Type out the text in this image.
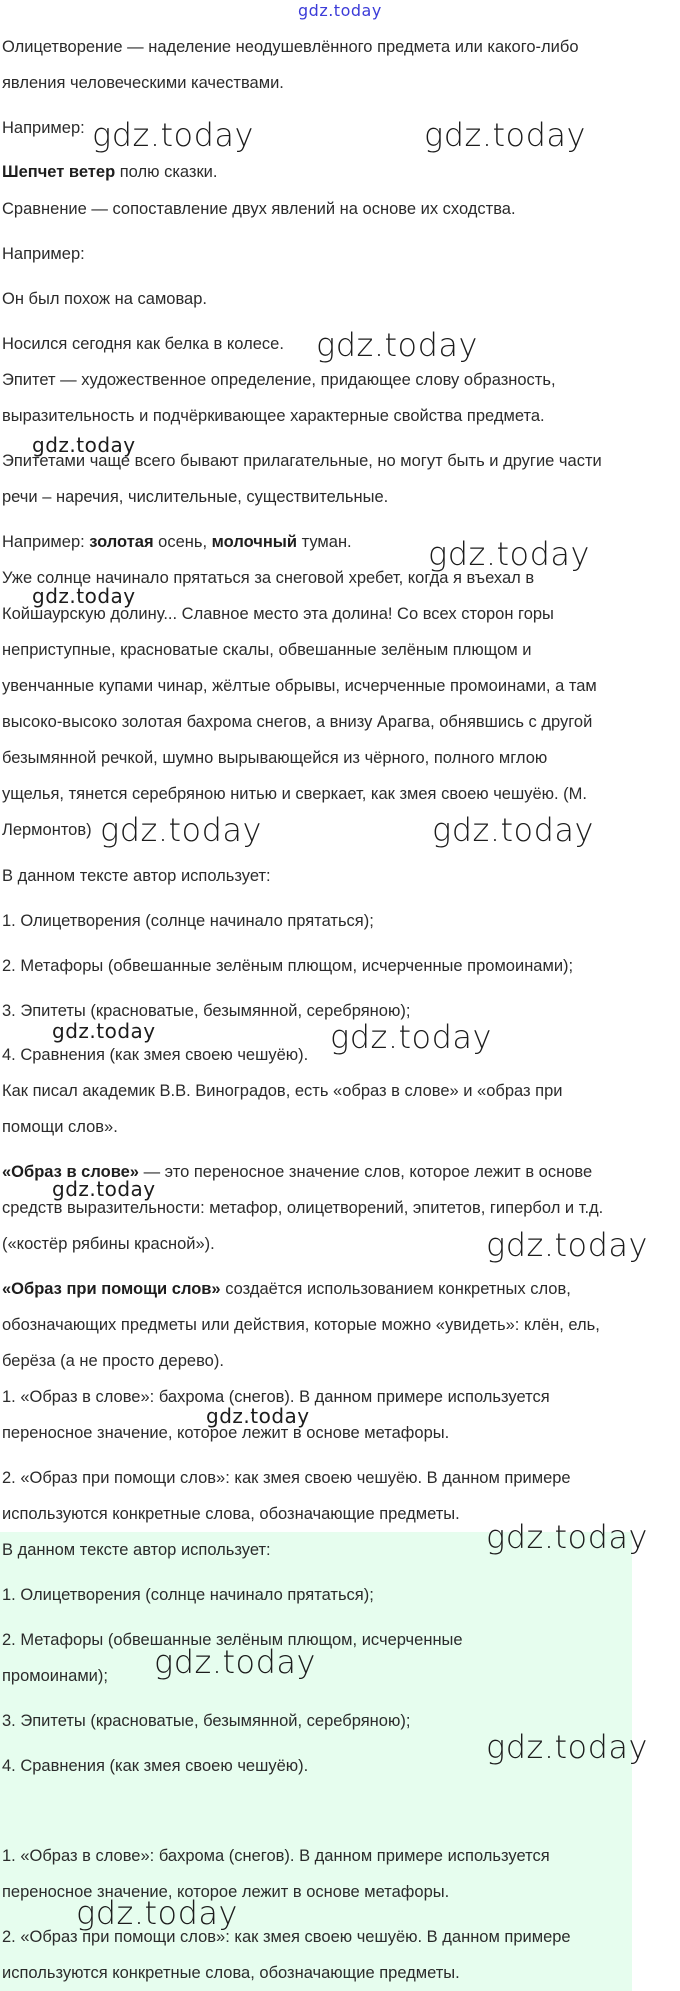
Олицетворение — наделение неодушевлённого предмета или какого-либо
явления человеческими качествами.
Например:
Шепчет ветер полю сказки.
Сравнение — сопоставление двух явлений на основе их сходства.
Например:
Он был похож на самовар.
Носился сегодня как белка в колесе.
Эпитет — художественное определение, придающее слову образность,
выразительность и подчёркивающее характерные свойства предмета.
Эпитетами чаще всего бывают прилагательные, но могут быть и другие части
речи – наречия, числительные, существительные.
Например: золотая осень, молочный туман.
Уже солнце начинало прятаться за снеговой хребет, когда я въехал в
Койшаурскую долину... Славное место эта долина! Со всех сторон горы
неприступные, красноватые скалы, обвешанные зелёным плющом и
увенчанные купами чинар, жёлтые обрывы, исчерченные промоинами, а там
высоко-высоко золотая бахрома снегов, а внизу Арагва, обнявшись с другой
безымянной речкой, шумно вырывающейся из чёрного, полного мглою
ущелья, тянется серебряною нитью и сверкает, как змея своею чешуёю. (М.
Лермонтов)
В данном тексте автор использует:
1. Олицетворения (солнце начинало прятаться);
2. Метафоры (обвешанные зелёным плющом, исчерченные промоинами);
3. Эпитеты (красноватые, безымянной, серебряною);
4. Сравнения (как змея своею чешуёю).
Как писал академик В.В. Виноградов, есть «образ в слове» и «образ при
помощи слов».
«Образ в слове» — это переносное значение слов, которое лежит в основе
средств выразительности: метафор, олицетворений, эпитетов, гипербол и т.д.
(«костёр рябины красной»).
«Образ при помощи слов» создаётся использованием конкретных слов,
обозначающих предметы или действия, которые можно «увидеть»: клён, ель,
берёза (а не просто дерево).
1. «Образ в слове»: бахрома (снегов). В данном примере используется
переносное значение, которое лежит в основе метафоры.
2. «Образ при помощи слов»: как змея своею чешуёю. В данном примере
используются конкретные слова, обозначающие предметы.
В данном тексте автор использует:
1. Олицетворения (солнце начинало прятаться);
2. Метафоры (обвешанные зелёным плющом, исчерченные
промоинами);
3. Эпитеты (красноватые, безымянной, серебряною);
4. Сравнения (как змея своею чешуёю).
1. «Образ в слове»: бахрома (снегов). В данном примере используется
переносное значение, которое лежит в основе метафоры.
2. «Образ при помощи слов»: как змея своею чешуёю. В данном примере
используются конкретные слова, обозначающие предметы.
gdz.today
gdz.today	gdz.today
gdz.today
gdz.today
gdz.today
gdz.today
gdz.today	gdz.today
gdz.today	gdz.today
gdz.today
gdz.today
gdz.today
gdz.today
gdz.today
gdz.today
gdz.today
